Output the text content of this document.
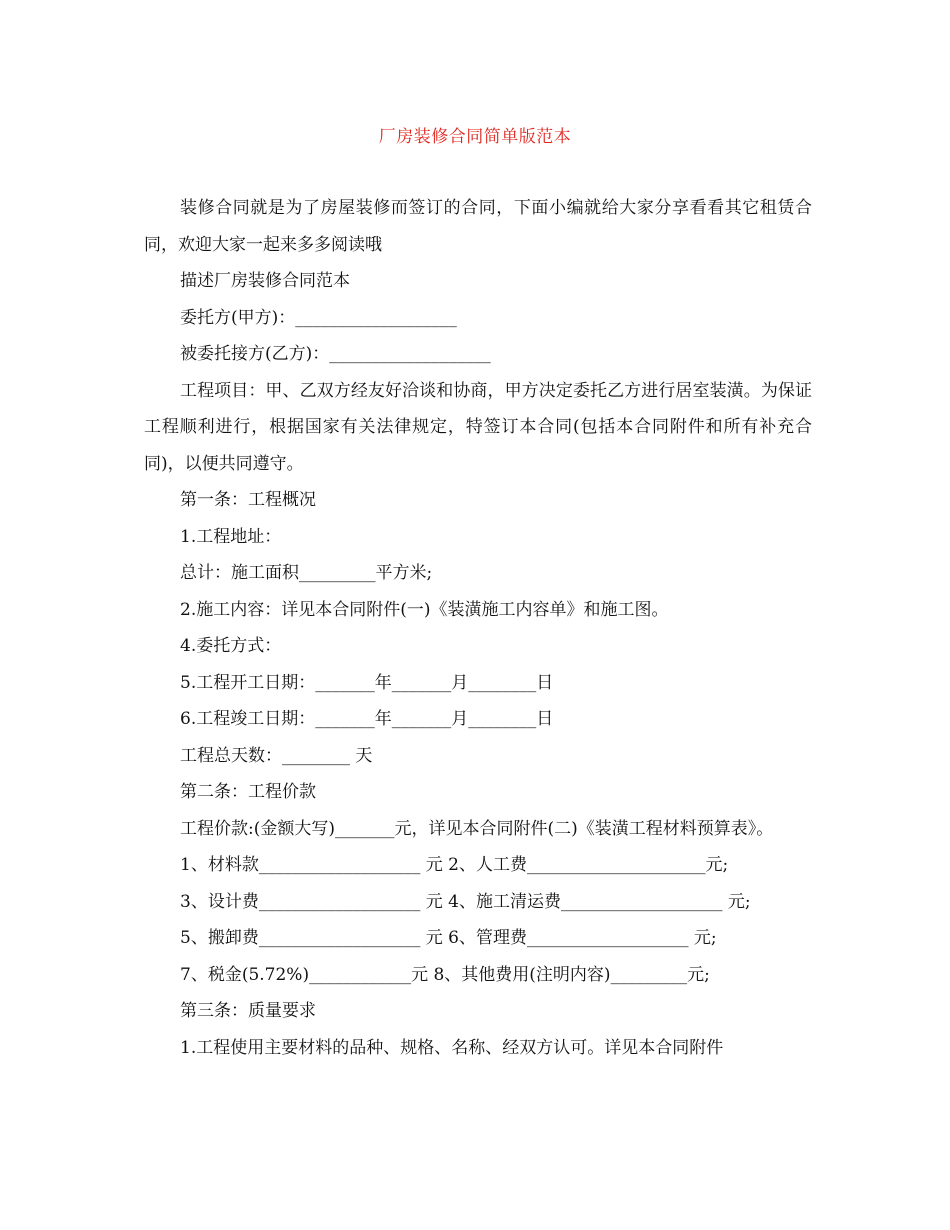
厂房装修合同简单版范本

装修合同就是为了房屋装修而签订的合同，下面小编就给大家分享看看其它租赁合同，欢迎大家一起来多多阅读哦

描述厂房装修合同范本

委托方(甲方)：___________________

被委托接方(乙方)：___________________

工程项目：甲、乙双方经友好洽谈和协商，甲方决定委托乙方进行居室装潢。为保证工程顺利进行，根据国家有关法律规定，特签订本合同(包括本合同附件和所有补充合同)，以便共同遵守。

第一条：工程概况

1.工程地址：

总计：施工面积_________平方米;

2.施工内容：详见本合同附件(一)《装潢施工内容单》和施工图。

4.委托方式：

5.工程开工日期：_______年_______月________日

6.工程竣工日期：_______年_______月________日

工程总天数：________ 天

第二条：工程价款

工程价款:(金额大写)_______元，详见本合同附件(二)《装潢工程材料预算表》。

1、材料款___________________ 元 2、人工费_____________________元;

3、设计费___________________ 元 4、施工清运费___________________ 元;

5、搬卸费___________________ 元 6、管理费___________________ 元;

7、税金(5.72%)____________元 8、其他费用(注明内容)_________元;

第三条：质量要求

1.工程使用主要材料的品种、规格、名称、经双方认可。详见本合同附件
